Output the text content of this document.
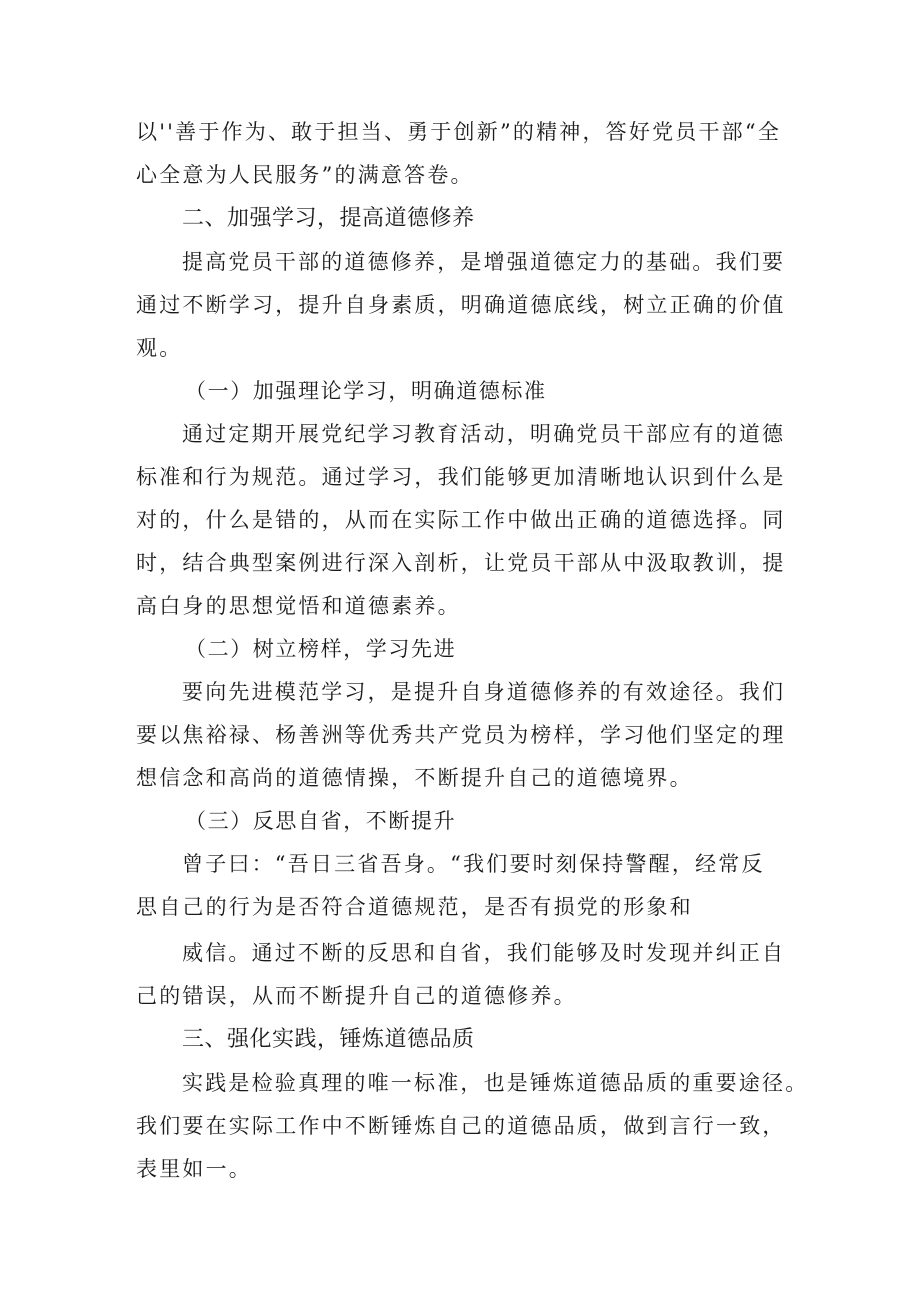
以''善于作为、敢于担当、勇于创新”的精神，答好党员干部“全
心全意为人民服务”的满意答卷。
二、加强学习，提高道德修养
提高党员干部的道德修养，是增强道德定力的基础。我们要
通过不断学习，提升自身素质，明确道德底线，树立正确的价值
观。
（一）加强理论学习，明确道德标准
通过定期开展党纪学习教育活动，明确党员干部应有的道德
标准和行为规范。通过学习，我们能够更加清晰地认识到什么是
对的，什么是错的，从而在实际工作中做出正确的道德选择。同
时，结合典型案例进行深入剖析，让党员干部从中汲取教训，提
高白身的思想觉悟和道德素养。
（二）树立榜样，学习先进
要向先进模范学习，是提升自身道德修养的有效途径。我们
要以焦裕禄、杨善洲等优秀共产党员为榜样，学习他们坚定的理
想信念和高尚的道德情操，不断提升自己的道德境界。
（三）反思自省，不断提升
曾子曰：“吾日三省吾身。“我们要时刻保持警醒，经常反
思自己的行为是否符合道德规范，是否有损党的形象和
威信。通过不断的反思和自省，我们能够及时发现并纠正自
己的错误，从而不断提升自己的道德修养。
三、强化实践，锤炼道德品质
实践是检验真理的唯一标准，也是锤炼道德品质的重要途径。
我们要在实际工作中不断锤炼自己的道德品质，做到言行一致，
表里如一。
